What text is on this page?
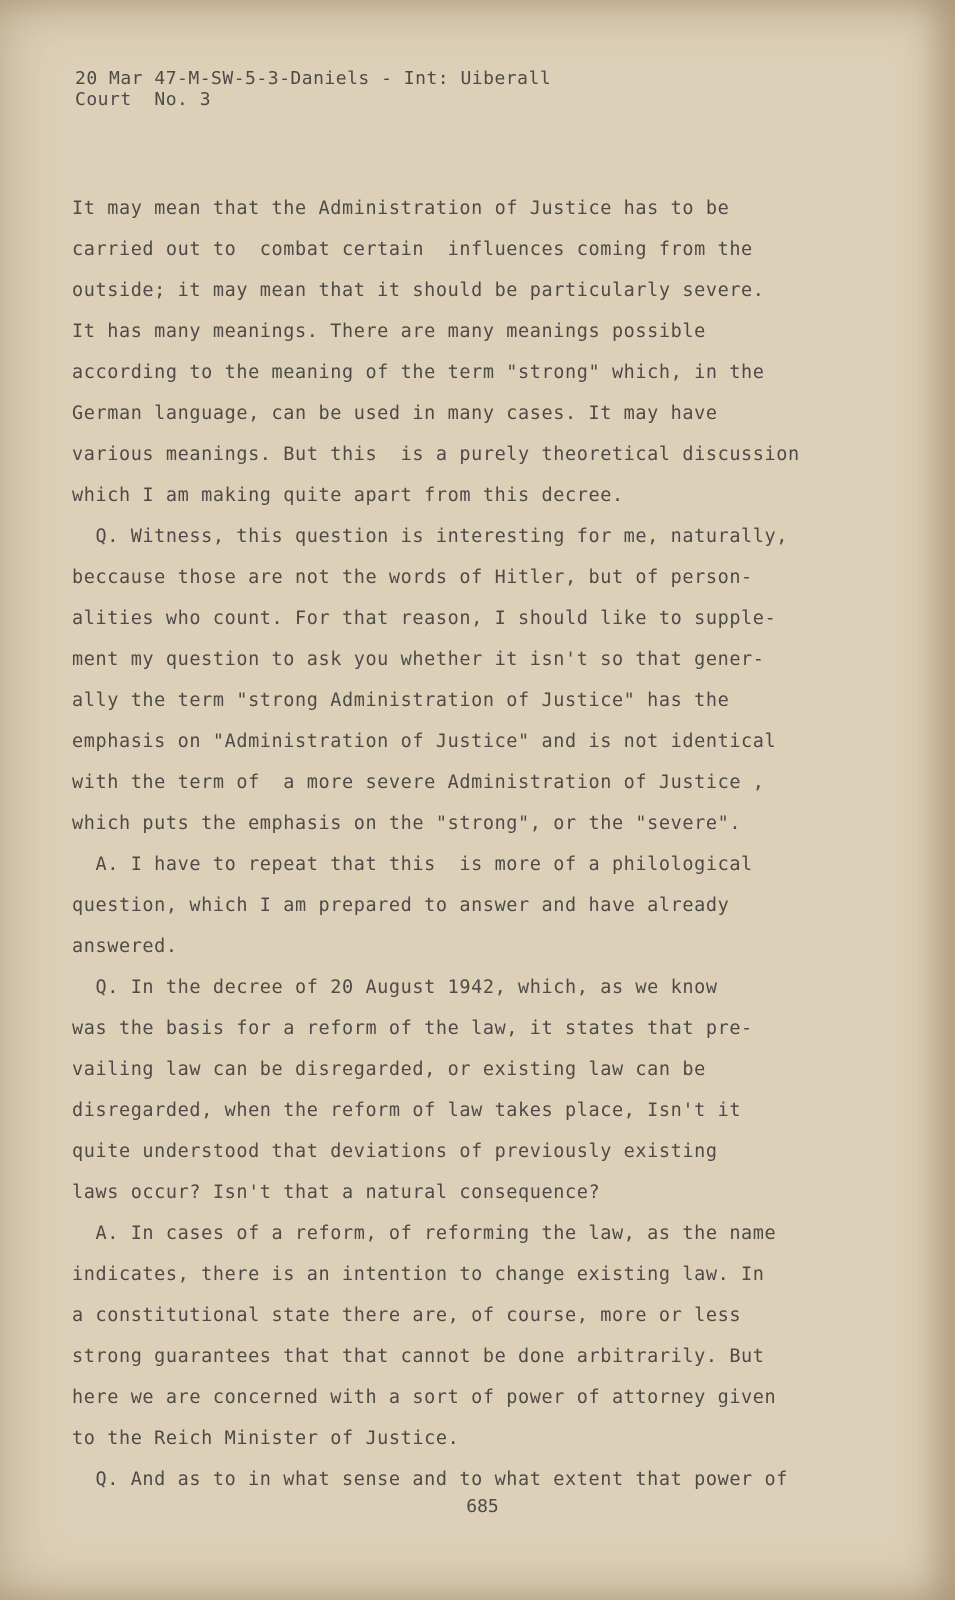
20 Mar 47-M-SW-5-3-Daniels - Int: Uiberall
Court  No. 3
It may mean that the Administration of Justice has to be
carried out to  combat certain  influences coming from the
outside; it may mean that it should be particularly severe.
It has many meanings. There are many meanings possible
according to the meaning of the term "strong" which, in the
German language, can be used in many cases. It may have
various meanings. But this  is a purely theoretical discussion
which I am making quite apart from this decree.
Q. Witness, this question is interesting for me, naturally,
beccause those are not the words of Hitler, but of person-
alities who count. For that reason, I should like to supple-
ment my question to ask you whether it isn't so that gener-
ally the term "strong Administration of Justice" has the
emphasis on "Administration of Justice" and is not identical
with the term of  a more severe Administration of Justice ,
which puts the emphasis on the "strong", or the "severe".
A. I have to repeat that this  is more of a philological
question, which I am prepared to answer and have already
answered.
Q. In the decree of 20 August 1942, which, as we know
was the basis for a reform of the law, it states that pre-
vailing law can be disregarded, or existing law can be
disregarded, when the reform of law takes place, Isn't it
quite understood that deviations of previously existing
laws occur? Isn't that a natural consequence?
A. In cases of a reform, of reforming the law, as the name
indicates, there is an intention to change existing law. In
a constitutional state there are, of course, more or less
strong guarantees that that cannot be done arbitrarily. But
here we are concerned with a sort of power of attorney given
to the Reich Minister of Justice.
Q. And as to in what sense and to what extent that power of
685
